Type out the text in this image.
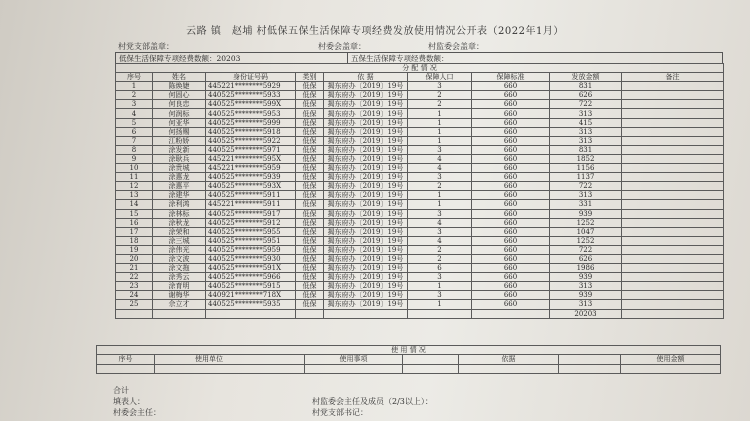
云路 镇　赵埔 村低保五保生活保障专项经费发放使用情况公开表（2022年1月）
村党支部盖章：	村委会盖章：	村监委会盖章：
低保生活保障专项经费数额：20203	五保生活保障专项经费数额：
分 配 情 况								
序号	姓名	身份证号码	类别	依 据	保障人口	保障标准	发放金额	备注
1	陈焕婕	445221********5929	低保	揭东府办〔2019〕19号	3	660	831	
2	何固心	440525********5933	低保	揭东府办〔2019〕19号	2	660	626	
3	何良忠	440525********599X	低保	揭东府办〔2019〕19号	2	660	722	
4	何润标	440525********5953	低保	揭东府办〔2019〕19号	1	660	313	
5	何亚华	440525********5999	低保	揭东府办〔2019〕19号	1	660	415	
6	何扬赐	440525********5918	低保	揭东府办〔2019〕19号	1	660	313	
7	江粉娇	440525********5922	低保	揭东府办〔2019〕19号	1	660	313	
8	涂发新	440525********5971	低保	揭东府办〔2019〕19号	3	660	831	
9	涂耿兵	445221********595X	低保	揭东府办〔2019〕19号	4	660	1852	
10	涂贵城	445221********5959	低保	揭东府办〔2019〕19号	4	660	1156	
11	涂惠龙	440525********5939	低保	揭东府办〔2019〕19号	3	660	1137	
12	涂惠平	440525********593X	低保	揭东府办〔2019〕19号	2	660	722	
13	涂建华	440525********5911	低保	揭东府办〔2019〕19号	1	660	313	
14	涂利鸿	445221********5911	低保	揭东府办〔2019〕19号	1	660	331	
15	涂林标	440525********5917	低保	揭东府办〔2019〕19号	3	660	939	
16	涂秋龙	440525********5912	低保	揭东府办〔2019〕19号	4	660	1252	
17	涂荣和	440525********5955	低保	揭东府办〔2019〕19号	3	660	1047	
18	涂三城	440525********5951	低保	揭东府办〔2019〕19号	4	660	1252	
19	涂伟光	440525********5959	低保	揭东府办〔2019〕19号	2	660	722	
20	涂文波	440525********5930	低保	揭东府办〔2019〕19号	2	660	626	
21	涂文拖	440525********591X	低保	揭东府办〔2019〕19号	6	660	1986	
22	涂秀云	440525********5966	低保	揭东府办〔2019〕19号	3	660	939	
23	涂育明	440525********5915	低保	揭东府办〔2019〕19号	1	660	313	
24	谢梅华	440921********718X	低保	揭东府办〔2019〕19号	3	660	939	
25	佘立才	440525********5935	低保	揭东府办〔2019〕19号	1	660	313	
							20203	
使 用 情 况						
序号	使用单位	使用事项		依据		使用金额

合计
填表人：
村委会主任：
村监委会主任及成员（2/3以上）：
村党支部书记：
